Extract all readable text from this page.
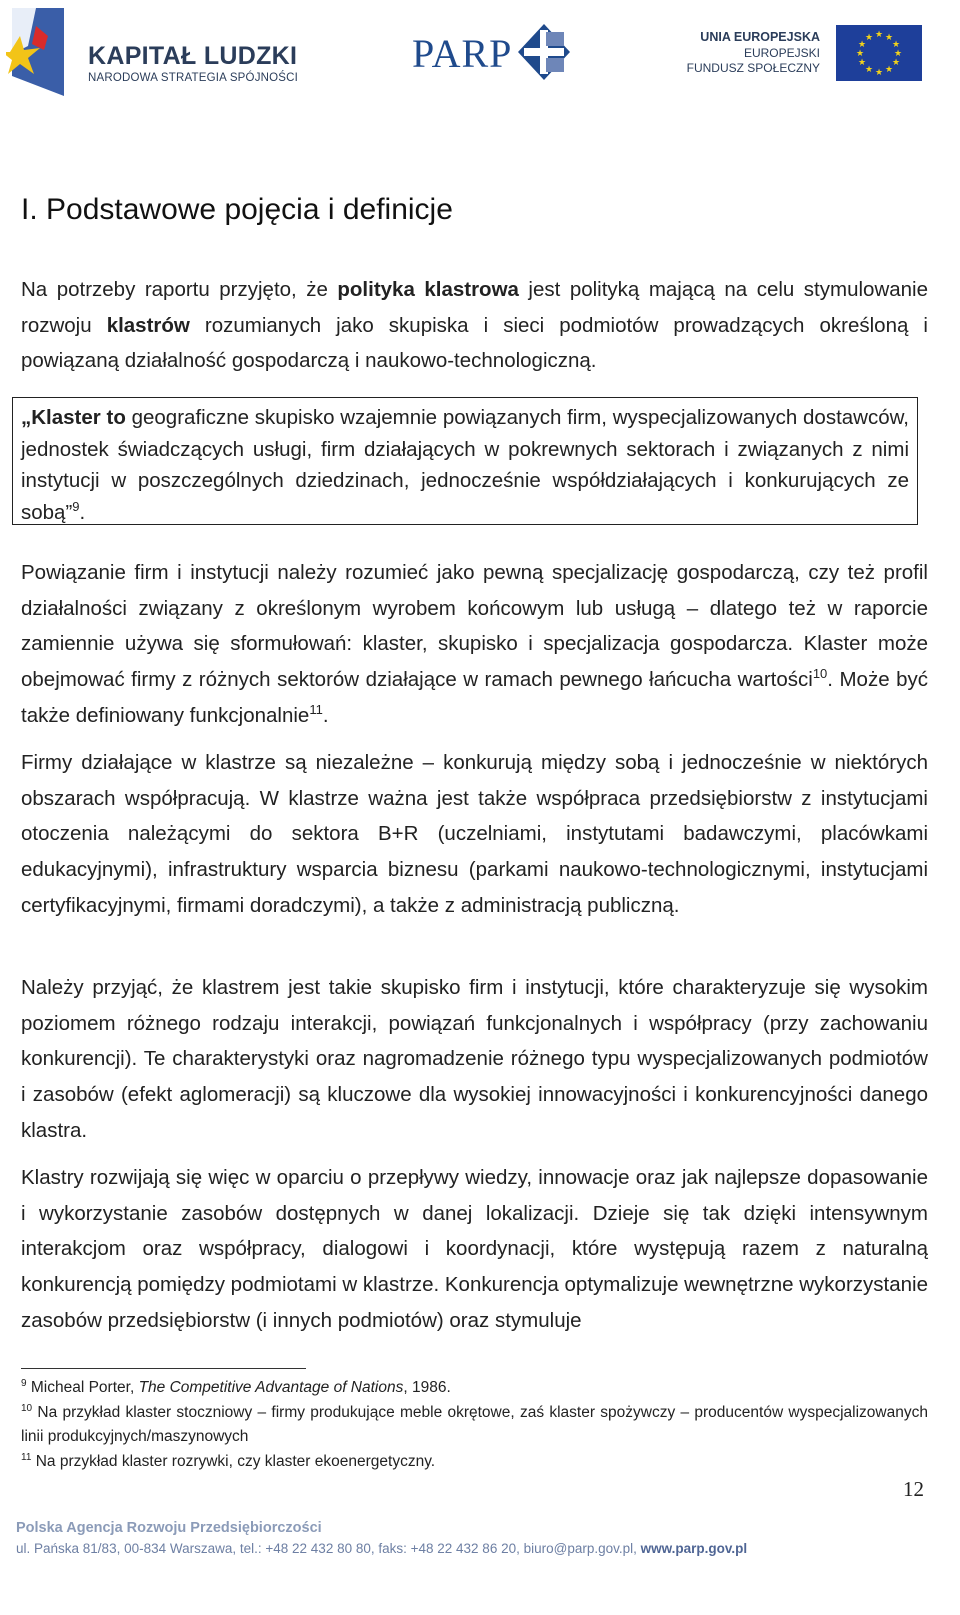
KAPITAŁ LUDZKI
NARODOWA STRATEGIA SPÓJNOŚCI
PARP	UNIA EUROPEJSKA
EUROPEJSKI
FUNDUSZ SPOŁECZNY
★ ★
★
★
★
★
★
★
★
★
★
★
I. Podstawowe pojęcia i definicje

Na potrzeby raportu przyjęto, że polityka klastrowa jest polityką mającą na celu stymulowanie rozwoju klastrów rozumianych jako skupiska i sieci podmiotów prowadzących określoną i powiązaną działalność gospodarczą i naukowo-technologiczną.

„Klaster to geograficzne skupisko wzajemnie powiązanych firm, wyspecjalizowanych dostawców, jednostek świadczących usługi, firm działających w pokrewnych sektorach i związanych z nimi instytucji w poszczególnych dziedzinach, jednocześnie współdziałających i konkurujących ze sobą”$^9$.

Powiązanie firm i instytucji należy rozumieć jako pewną specjalizację gospodarczą, czy też profil działalności związany z określonym wyrobem końcowym lub usługą – dlatego też w raporcie zamiennie używa się sformułowań: klaster, skupisko i specjalizacja gospodarcza. Klaster może obejmować firmy z różnych sektorów działające w ramach pewnego łańcucha wartości$^{10}$. Może być także definiowany funkcjonalnie$^{11}$.

Firmy działające w klastrze są niezależne – konkurują między sobą i jednocześnie w niektórych obszarach współpracują. W klastrze ważna jest także współpraca przedsiębiorstw z instytucjami otoczenia należącymi do sektora B+R (uczelniami, instytutami badawczymi, placówkami edukacyjnymi), infrastruktury wsparcia biznesu (parkami naukowo-technologicznymi, instytucjami certyfikacyjnymi, firmami doradczymi), a także z administracją publiczną.

Należy przyjąć, że klastrem jest takie skupisko firm i instytucji, które charakteryzuje się wysokim poziomem różnego rodzaju interakcji, powiązań funkcjonalnych i współpracy (przy zachowaniu konkurencji). Te charakterystyki oraz nagromadzenie różnego typu wyspecjalizowanych podmiotów i zasobów (efekt aglomeracji) są kluczowe dla wysokiej innowacyjności i konkurencyjności danego klastra.

Klastry rozwijają się więc w oparciu o przepływy wiedzy, innowacje oraz jak najlepsze dopasowanie i wykorzystanie zasobów dostępnych w danej lokalizacji. Dzieje się tak dzięki intensywnym interakcjom oraz współpracy, dialogowi i koordynacji, które występują razem z naturalną konkurencją pomiędzy podmiotami w klastrze. Konkurencja optymalizuje wewnętrzne wykorzystanie zasobów przedsiębiorstw (i innych podmiotów) oraz stymuluje

$^9$ Micheal Porter, The Competitive Advantage of Nations, 1986.

$^{10}$ Na przykład klaster stoczniowy – firmy produkujące meble okrętowe, zaś klaster spożywczy – producentów wyspecjalizowanych linii produkcyjnych/maszynowych

$^{11}$ Na przykład klaster rozrywki, czy klaster ekoenergetyczny.

12
Polska Agencja Rozwoju Przedsiębiorczości
ul. Pańska 81/83, 00-834 Warszawa, tel.: +48 22 432 80 80, faks: +48 22 432 86 20, biuro@parp.gov.pl, www.parp.gov.pl
